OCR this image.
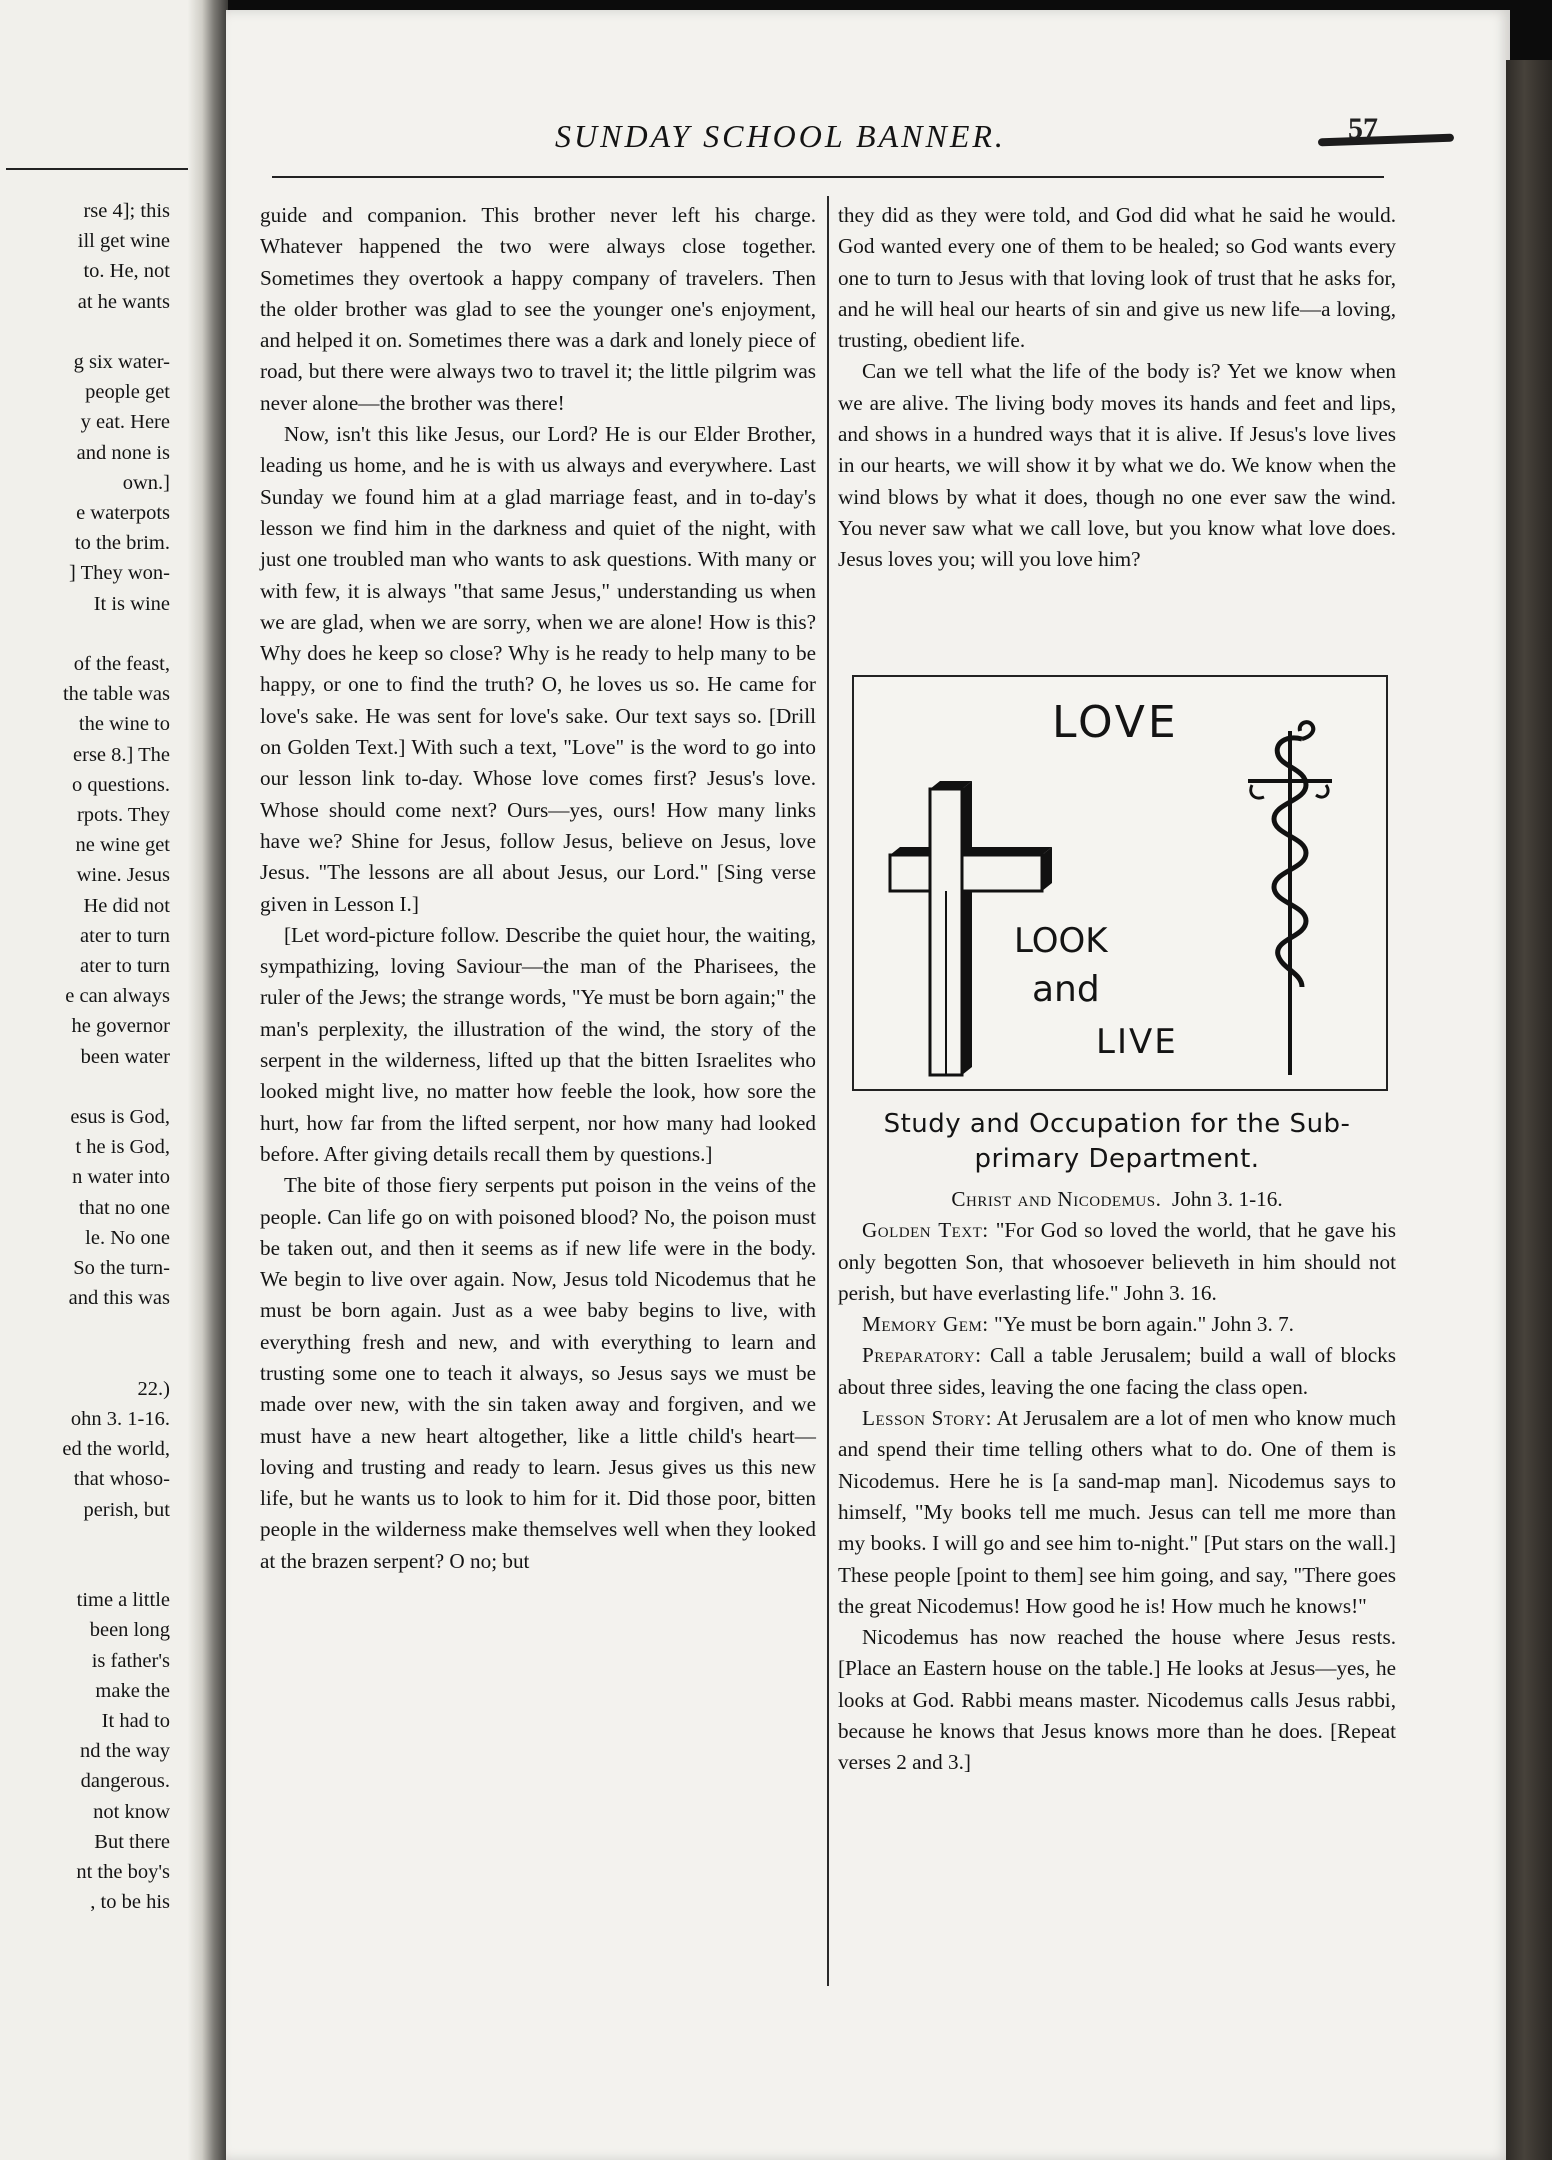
rse 4]; this
ill get wine
to. He, not
at he wants
g six water-
people get
y eat. Here
and none is
own.]
e waterpots
to the brim.
] They won-
It is wine
of the feast,
the table was
the wine to
erse 8.] The
o questions.
rpots. They
ne wine get
wine. Jesus
He did not
ater to turn
ater to turn
e can always
he governor
been water
esus is God,
t he is God,
n water into
that no one
le. No one
So the turn-
and this was
22.)
ohn 3. 1-16.
ed the world,
that whoso-
perish, but
time a little
been long
is father's
make the
It had to
nd the way
dangerous.
not know
But there
nt the boy's
, to be his
SUNDAY SCHOOL BANNER.	57

guide and companion. This brother never left his charge. Whatever happened the two were always close together. Sometimes they overtook a happy company of travelers. Then the older brother was glad to see the younger one's enjoyment, and helped it on. Sometimes there was a dark and lonely piece of road, but there were always two to travel it; the little pilgrim was never alone—the brother was there!

Now, isn't this like Jesus, our Lord? He is our Elder Brother, leading us home, and he is with us always and everywhere. Last Sunday we found him at a glad marriage feast, and in to-day's lesson we find him in the darkness and quiet of the night, with just one troubled man who wants to ask questions. With many or with few, it is always "that same Jesus," understanding us when we are glad, when we are sorry, when we are alone! How is this? Why does he keep so close? Why is he ready to help many to be happy, or one to find the truth? O, he loves us so. He came for love's sake. He was sent for love's sake. Our text says so. [Drill on Golden Text.] With such a text, "Love" is the word to go into our lesson link to-day. Whose love comes first? Jesus's love. Whose should come next? Ours—yes, ours! How many links have we? Shine for Jesus, follow Jesus, believe on Jesus, love Jesus. "The lessons are all about Jesus, our Lord." [Sing verse given in Lesson I.]

[Let word-picture follow. Describe the quiet hour, the waiting, sympathizing, loving Saviour—the man of the Pharisees, the ruler of the Jews; the strange words, "Ye must be born again;" the man's perplexity, the illustration of the wind, the story of the serpent in the wilderness, lifted up that the bitten Israelites who looked might live, no matter how feeble the look, how sore the hurt, how far from the lifted serpent, nor how many had looked before. After giving details recall them by questions.]

The bite of those fiery serpents put poison in the veins of the people. Can life go on with poisoned blood? No, the poison must be taken out, and then it seems as if new life were in the body. We begin to live over again. Now, Jesus told Nicodemus that he must be born again. Just as a wee baby begins to live, with everything fresh and new, and with everything to learn and trusting some one to teach it always, so Jesus says we must be made over new, with the sin taken away and forgiven, and we must have a new heart altogether, like a little child's heart—loving and trusting and ready to learn. Jesus gives us this new life, but he wants us to look to him for it. Did those poor, bitten people in the wilderness make themselves well when they looked at the brazen serpent? O no; but

they did as they were told, and God did what he said he would. God wanted every one of them to be healed; so God wants every one to turn to Jesus with that loving look of trust that he asks for, and he will heal our hearts of sin and give us new life—a loving, trusting, obedient life.

Can we tell what the life of the body is? Yet we know when we are alive. The living body moves its hands and feet and lips, and shows in a hundred ways that it is alive. If Jesus's love lives in our hearts, we will show it by what we do. We know when the wind blows by what it does, though no one ever saw the wind. You never saw what we call love, but you know what love does. Jesus loves you; will you love him?

LOVE
LOOK
and
LIVE
Study and Occupation for the Sub-
primary Department.

Christ and Nicodemus. John 3. 1-16.

Golden Text: "For God so loved the world, that he gave his only begotten Son, that whosoever believeth in him should not perish, but have everlasting life." John 3. 16.

Memory Gem: "Ye must be born again." John 3. 7.

Preparatory: Call a table Jerusalem; build a wall of blocks about three sides, leaving the one facing the class open.

Lesson Story: At Jerusalem are a lot of men who know much and spend their time telling others what to do. One of them is Nicodemus. Here he is [a sand-map man]. Nicodemus says to himself, "My books tell me much. Jesus can tell me more than my books. I will go and see him to-night." [Put stars on the wall.] These people [point to them] see him going, and say, "There goes the great Nicodemus! How good he is! How much he knows!"

Nicodemus has now reached the house where Jesus rests. [Place an Eastern house on the table.] He looks at Jesus—yes, he looks at God. Rabbi means master. Nicodemus calls Jesus rabbi, because he knows that Jesus knows more than he does. [Repeat verses 2 and 3.]
